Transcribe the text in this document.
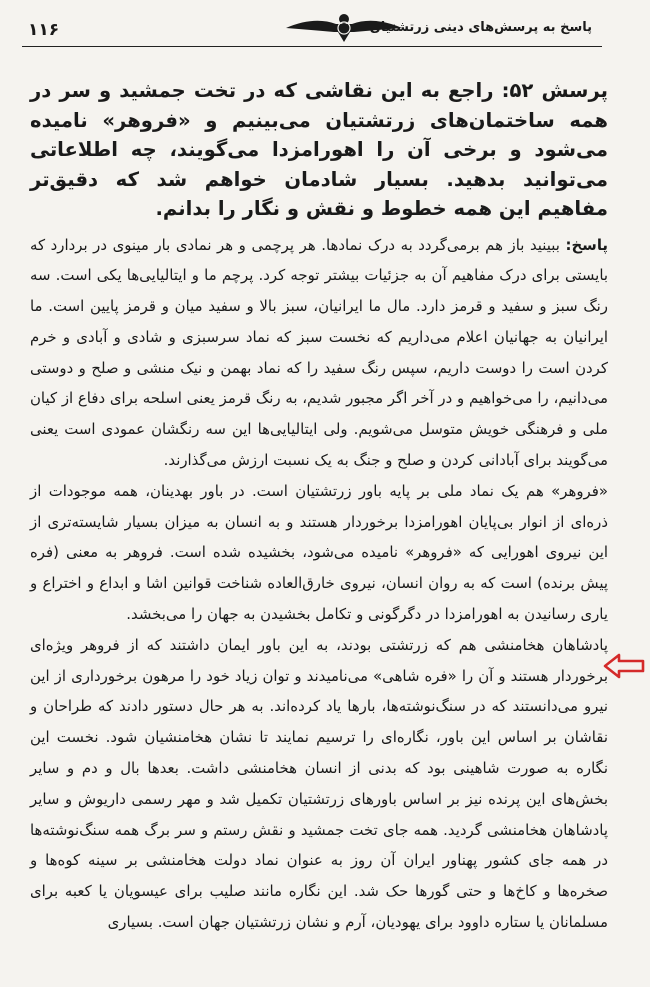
۱۱۶	پاسخ به پرسش‌های دینی زرتشتیان

پرسش ۵۲: راجع به این نقاشی که در تخت جمشید و سر در همه ساختمان‌های زرتشتیان می‌بینیم و «فروهر» نامیده می‌شود و برخی آن را اهورامزدا می‌گویند، چه اطلاعاتی می‌توانید بدهید. بسیار شادمان خواهم شد که دقیق‌تر مفاهیم این همه خطوط و نقش و نگار را بدانم.

پاسخ: ببینید باز هم برمی‌گردد به درک نمادها. هر پرچمی و هر نمادی بار مینوی در بردارد که بایستی برای درک مفاهیم آن به جزئیات بیشتر توجه کرد. پرچم ما و ایتالیایی‌ها یکی است. سه رنگ سبز و سفید و قرمز دارد. مال ما ایرانیان، سبز بالا و سفید میان و قرمز پایین است. ما ایرانیان به جهانیان اعلام می‌داریم که نخست سبز که نماد سرسبزی و شادی و آبادی و خرم کردن است را دوست داریم، سپس رنگ سفید را که نماد بهمن و نیک منشی و صلح و دوستی می‌دانیم، را می‌خواهیم و در آخر اگر مجبور شدیم، به رنگ قرمز یعنی اسلحه برای دفاع از کیان ملی و فرهنگی خویش متوسل می‌شویم. ولی ایتالیایی‌ها این سه رنگشان عمودی است یعنی می‌گویند برای آبادانی کردن و صلح و جنگ به یک نسبت ارزش می‌گذارند.

«فروهر» هم یک نماد ملی بر پایه باور زرتشتیان است. در باور بهدینان، همه موجودات از ذره‌ای از انوار بی‌پایان اهورامزدا برخوردار هستند و به انسان به میزان بسیار شایسته‌تری از این نیروی اهورایی که «فروهر» نامیده می‌شود، بخشیده شده است. فروهر به معنی (فره پیش برنده) است که به روان انسان، نیروی خارق‌العاده شناخت قوانین اشا و ابداع و اختراع و یاری رسانیدن به اهورامزدا در دگرگونی و تکامل بخشیدن به جهان را می‌بخشد.

پادشاهان هخامنشی هم که زرتشتی بودند، به این باور ایمان داشتند که از فروهر ویژه‌ای برخوردار هستند و آن را «فره شاهی» می‌نامیدند و توان زیاد خود را مرهون برخورداری از این نیرو می‌دانستند که در سنگ‌نوشته‌ها، بارها یاد کرده‌اند. به هر حال دستور دادند که طراحان و نقاشان بر اساس این باور، نگاره‌ای را ترسیم نمایند تا نشان هخامنشیان شود. نخست این نگاره به صورت شاهینی بود که بدنی از انسان هخامنشی داشت. بعدها بال و دم و سایر بخش‌های این پرنده نیز بر اساس باورهای زرتشتیان تکمیل شد و مهر رسمی داریوش و سایر پادشاهان هخامنشی گردید. همه جای تخت جمشید و نقش رستم و سر برگ همه سنگ‌نوشته‌ها در همه جای کشور پهناور ایران آن روز به عنوان نماد دولت هخامنشی بر سینه کوه‌ها و صخره‌ها و کاخ‌ها و حتی گورها حک شد. این نگاره مانند صلیب برای عیسویان یا کعبه برای مسلمانان یا ستاره داوود برای یهودیان، آرم و نشان زرتشتیان جهان است. بسیاری
